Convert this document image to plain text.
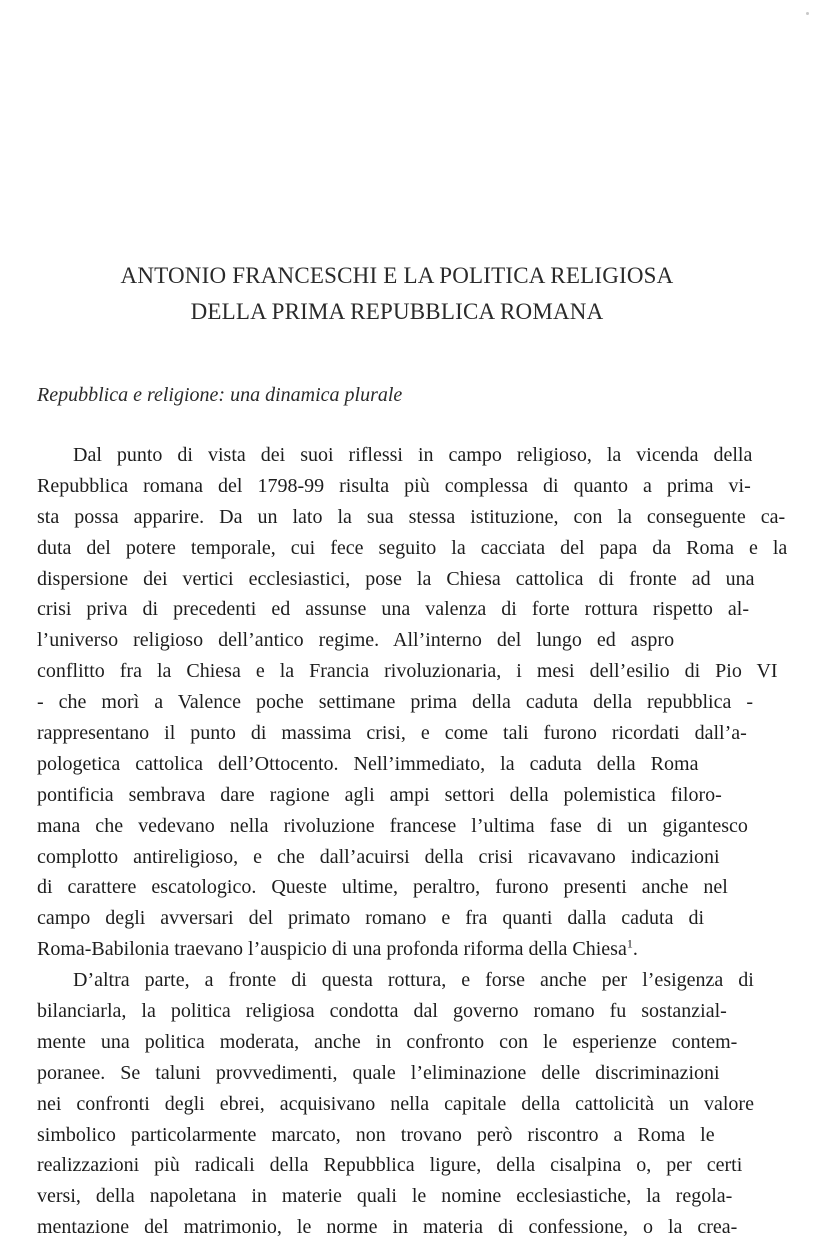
ANTONIO FRANCESCHI E LA POLITICA RELIGIOSA
DELLA PRIMA REPUBBLICA ROMANA
Repubblica e religione: una dinamica plurale
Dal punto di vista dei suoi riflessi in campo religioso, la vicenda della
Repubblica romana del 1798-99 risulta più complessa di quanto a prima vi-
sta possa apparire. Da un lato la sua stessa istituzione, con la conseguente ca-
duta del potere temporale, cui fece seguito la cacciata del papa da Roma e la
dispersione dei vertici ecclesiastici, pose la Chiesa cattolica di fronte ad una
crisi priva di precedenti ed assunse una valenza di forte rottura rispetto al-
l’universo religioso dell’antico regime. All’interno del lungo ed aspro
conflitto fra la Chiesa e la Francia rivoluzionaria, i mesi dell’esilio di Pio VI
- che morì a Valence poche settimane prima della caduta della repubblica -
rappresentano il punto di massima crisi, e come tali furono ricordati dall’a-
pologetica cattolica dell’Ottocento. Nell’immediato, la caduta della Roma
pontificia sembrava dare ragione agli ampi settori della polemistica filoro-
mana che vedevano nella rivoluzione francese l’ultima fase di un gigantesco
complotto antireligioso, e che dall’acuirsi della crisi ricavavano indicazioni
di carattere escatologico. Queste ultime, peraltro, furono presenti anche nel
campo degli avversari del primato romano e fra quanti dalla caduta di
Roma-Babilonia traevano l’auspicio di una profonda riforma della Chiesa$^1$.
D’altra parte, a fronte di questa rottura, e forse anche per l’esigenza di
bilanciarla, la politica religiosa condotta dal governo romano fu sostanzial-
mente una politica moderata, anche in confronto con le esperienze contem-
poranee. Se taluni provvedimenti, quale l’eliminazione delle discriminazioni
nei confronti degli ebrei, acquisivano nella capitale della cattolicità un valore
simbolico particolarmente marcato, non trovano però riscontro a Roma le
realizzazioni più radicali della Repubblica ligure, della cisalpina o, per certi
versi, della napoletana in materie quali le nomine ecclesiastiche, la regola-
mentazione del matrimonio, le norme in materia di confessione, o la crea-
